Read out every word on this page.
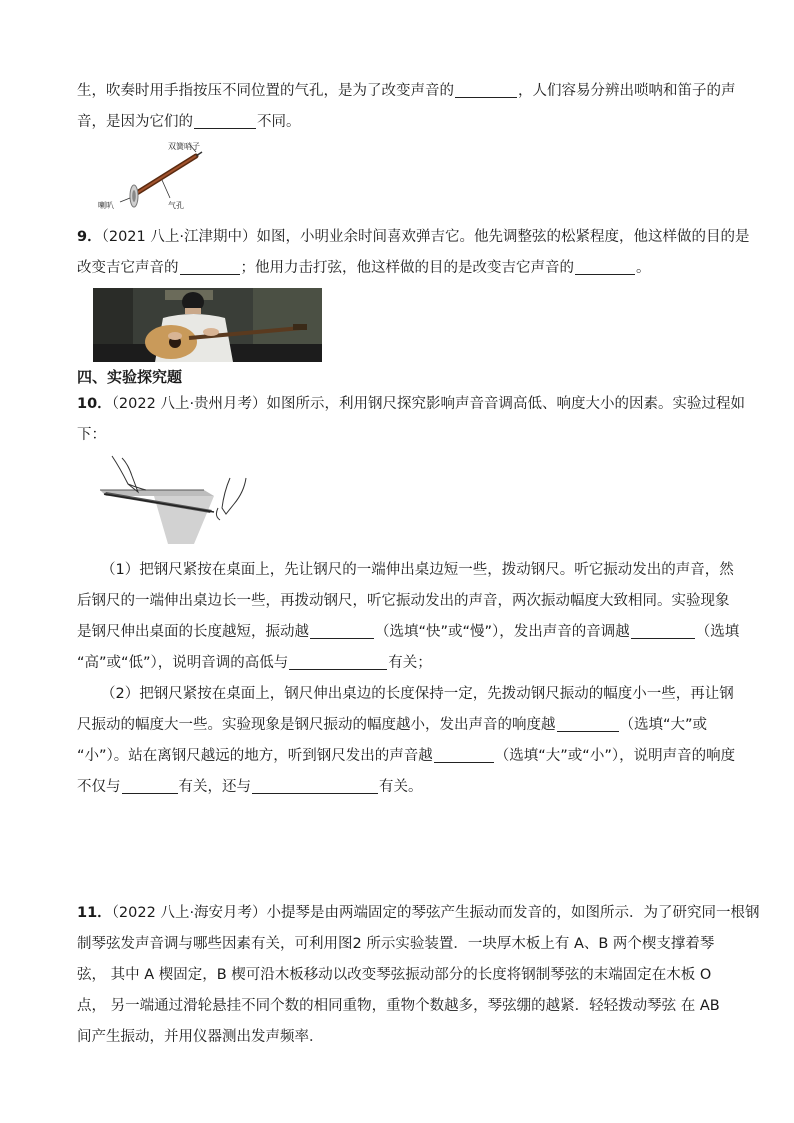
生，吹奏时用手指按压不同位置的气孔，是为了改变声音的	，人们容易分辨出唢呐和笛子的声
音，是因为它们的	不同。
双簧哨子
喇叭	气孔
9．（2021 八上·江津期中）如图，小明业余时间喜欢弹吉它。他先调整弦的松紧程度，他这样做的目的是
改变吉它声音的	；他用力击打弦，他这样做的目的是改变吉它声音的	。
四、实验探究题
10．（2022 八上·贵州月考）如图所示，利用钢尺探究影响声音音调高低、响度大小的因素。实验过程如
下：
（1）把钢尺紧按在桌面上，先让钢尺的一端伸出桌边短一些，拨动钢尺。听它振动发出的声音，然
后钢尺的一端伸出桌边长一些，再拨动钢尺，听它振动发出的声音，两次振动幅度大致相同。实验现象
是钢尺伸出桌面的长度越短，振动越	（选填“快”或“慢”），发出声音的音调越	（选填
“高”或“低”），说明音调的高低与	有关；
（2）把钢尺紧按在桌面上，钢尺伸出桌边的长度保持一定，先拨动钢尺振动的幅度小一些，再让钢
尺振动的幅度大一些。实验现象是钢尺振动的幅度越小，发出声音的响度越	（选填“大”或
“小”）。站在离钢尺越远的地方，听到钢尺发出的声音越	（选填“大”或“小”），说明声音的响度
不仅与	有关，还与	有关。
11．（2022 八上·海安月考）小提琴是由两端固定的琴弦产生振动而发音的，如图所示．为了研究同一根钢
制琴弦发声音调与哪些因素有关，可利用图2 所示实验装置．一块厚木板上有 A、B 两个楔支撑着琴
弦， 其中 A 楔固定，B 楔可沿木板移动以改变琴弦振动部分的长度将钢制琴弦的末端固定在木板 O
点， 另一端通过滑轮悬挂不同个数的相同重物，重物个数越多，琴弦绷的越紧．轻轻拨动琴弦 在 AB
间产生振动，并用仪器测出发声频率．
